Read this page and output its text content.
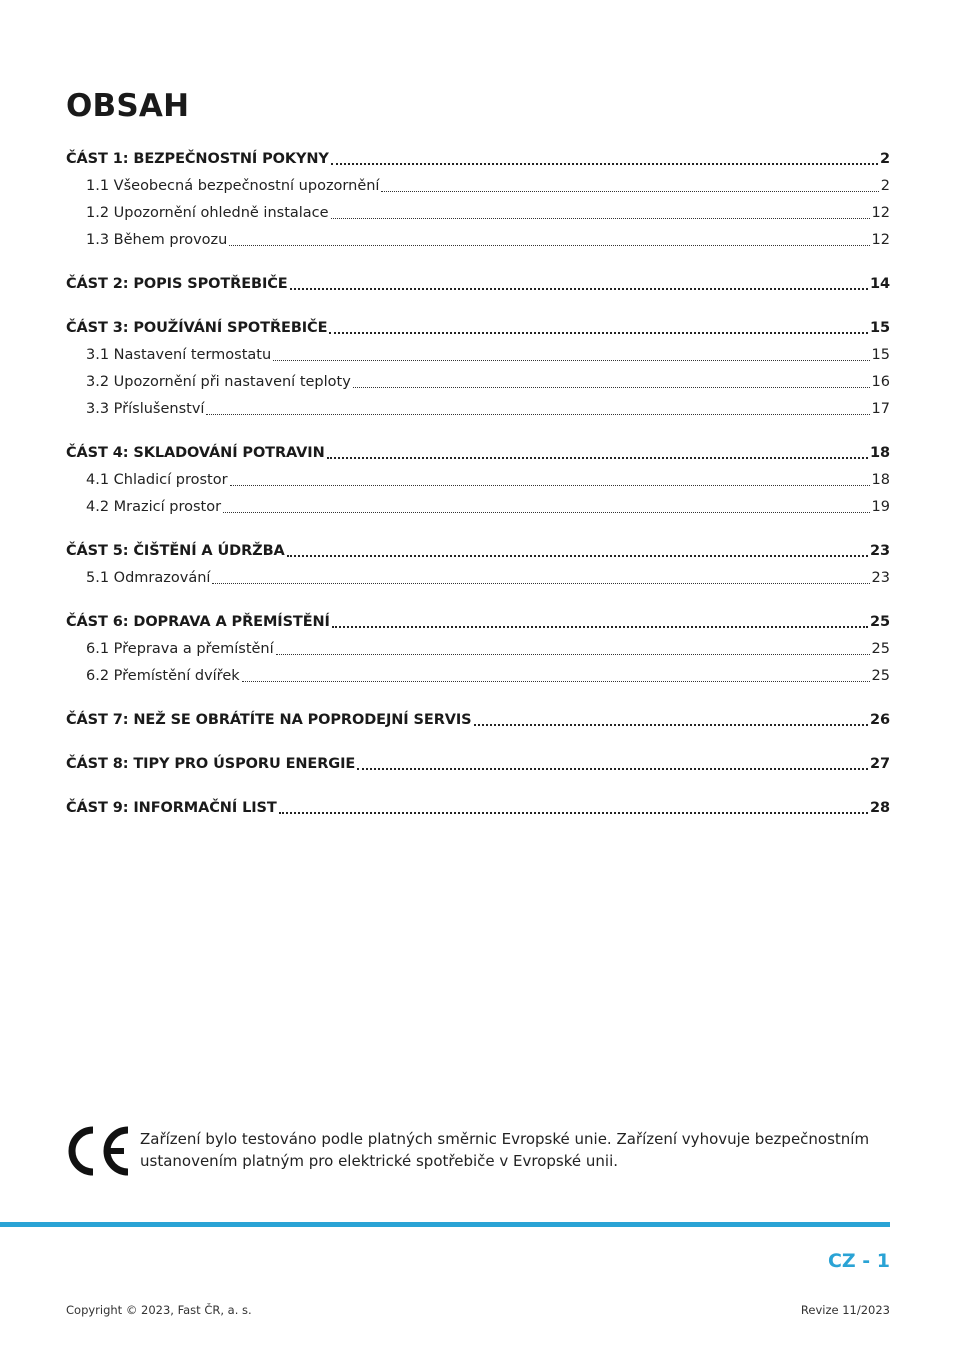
OBSAH
ČÁST 1: BEZPEČNOSTNÍ POKYNY	2
1.1 Všeobecná bezpečnostní upozornění	2
1.2 Upozornění ohledně instalace	12
1.3 Během provozu	12
ČÁST 2: POPIS SPOTŘEBIČE	14
ČÁST 3: POUŽÍVÁNÍ SPOTŘEBIČE	15
3.1 Nastavení termostatu	15
3.2 Upozornění při nastavení teploty	16
3.3 Příslušenství	17
ČÁST 4: SKLADOVÁNÍ POTRAVIN	18
4.1 Chladicí prostor	18
4.2 Mrazicí prostor	19
ČÁST 5: ČIŠTĚNÍ A ÚDRŽBA	23
5.1 Odmrazování	23
ČÁST 6: DOPRAVA A PŘEMÍSTĚNÍ	25
6.1 Přeprava a přemístění	25
6.2 Přemístění dvířek	25
ČÁST 7: NEŽ SE OBRÁTÍTE NA POPRODEJNÍ SERVIS	26
ČÁST 8: TIPY PRO ÚSPORU ENERGIE	27
ČÁST 9: INFORMAČNÍ LIST	28
Zařízení bylo testováno podle platných směrnic Evropské unie. Zařízení vyhovuje bezpečnostním ustanovením platným pro elektrické spotřebiče v Evropské unii.
CZ - 1
Copyright © 2023, Fast ČR, a. s.	Revize 11/2023
